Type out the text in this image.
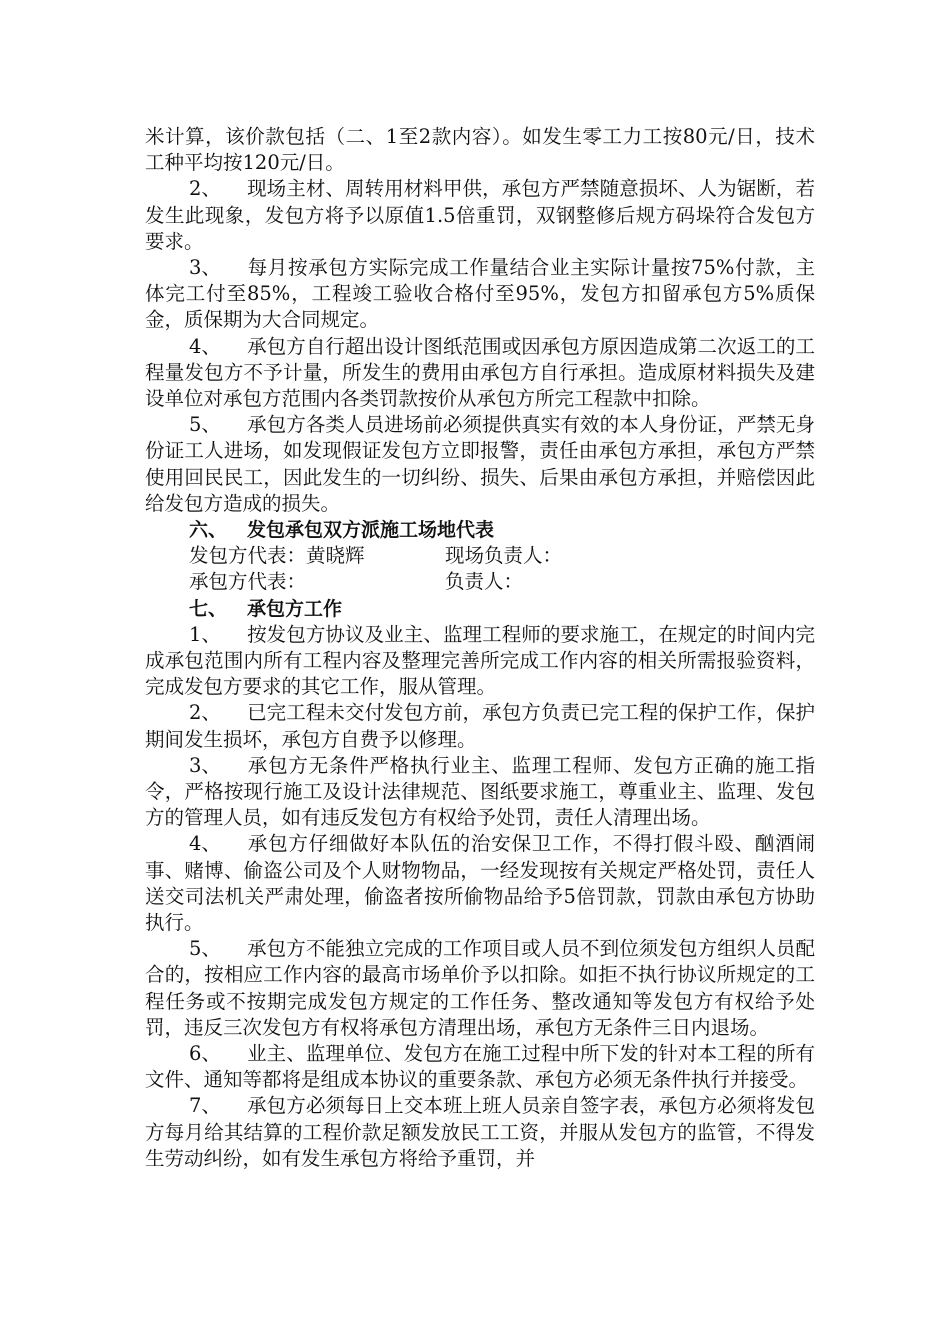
米计算，该价款包括（二、1至2款内容）。如发生零工力工按80元/日，技术工种平均按120元/日。

2、 现场主材、周转用材料甲供，承包方严禁随意损坏、人为锯断，若发生此现象，发包方将予以原值1.5倍重罚，双钢整修后规方码垛符合发包方要求。

3、 每月按承包方实际完成工作量结合业主实际计量按75%付款，主体完工付至85%，工程竣工验收合格付至95%，发包方扣留承包方5%质保金，质保期为大合同规定。

4、 承包方自行超出设计图纸范围或因承包方原因造成第二次返工的工程量发包方不予计量，所发生的费用由承包方自行承担。造成原材料损失及建设单位对承包方范围内各类罚款按价从承包方所完工程款中扣除。

5、 承包方各类人员进场前必须提供真实有效的本人身份证，严禁无身份证工人进场，如发现假证发包方立即报警，责任由承包方承担，承包方严禁使用回民民工，因此发生的一切纠纷、损失、后果由承包方承担，并赔偿因此给发包方造成的损失。

六、 发包承包双方派施工场地代表

发包方代表：黄晓辉	现场负责人：
承包方代表：	负责人：

七、 承包方工作

1、 按发包方协议及业主、监理工程师的要求施工，在规定的时间内完成承包范围内所有工程内容及整理完善所完成工作内容的相关所需报验资料，完成发包方要求的其它工作，服从管理。

2、 已完工程未交付发包方前，承包方负责已完工程的保护工作，保护期间发生损坏，承包方自费予以修理。

3、 承包方无条件严格执行业主、监理工程师、发包方正确的施工指令，严格按现行施工及设计法律规范、图纸要求施工，尊重业主、监理、发包方的管理人员，如有违反发包方有权给予处罚，责任人清理出场。

4、 承包方仔细做好本队伍的治安保卫工作，不得打假斗殴、酗酒闹事、赌博、偷盗公司及个人财物物品，一经发现按有关规定严格处罚，责任人送交司法机关严肃处理，偷盗者按所偷物品给予5倍罚款，罚款由承包方协助执行。

5、 承包方不能独立完成的工作项目或人员不到位须发包方组织人员配合的，按相应工作内容的最高市场单价予以扣除。如拒不执行协议所规定的工程任务或不按期完成发包方规定的工作任务、整改通知等发包方有权给予处罚，违反三次发包方有权将承包方清理出场，承包方无条件三日内退场。

6、 业主、监理单位、发包方在施工过程中所下发的针对本工程的所有文件、通知等都将是组成本协议的重要条款、承包方必须无条件执行并接受。

7、 承包方必须每日上交本班上班人员亲自签字表，承包方必须将发包方每月给其结算的工程价款足额发放民工工资，并服从发包方的监管，不得发生劳动纠纷，如有发生承包方将给予重罚，并
